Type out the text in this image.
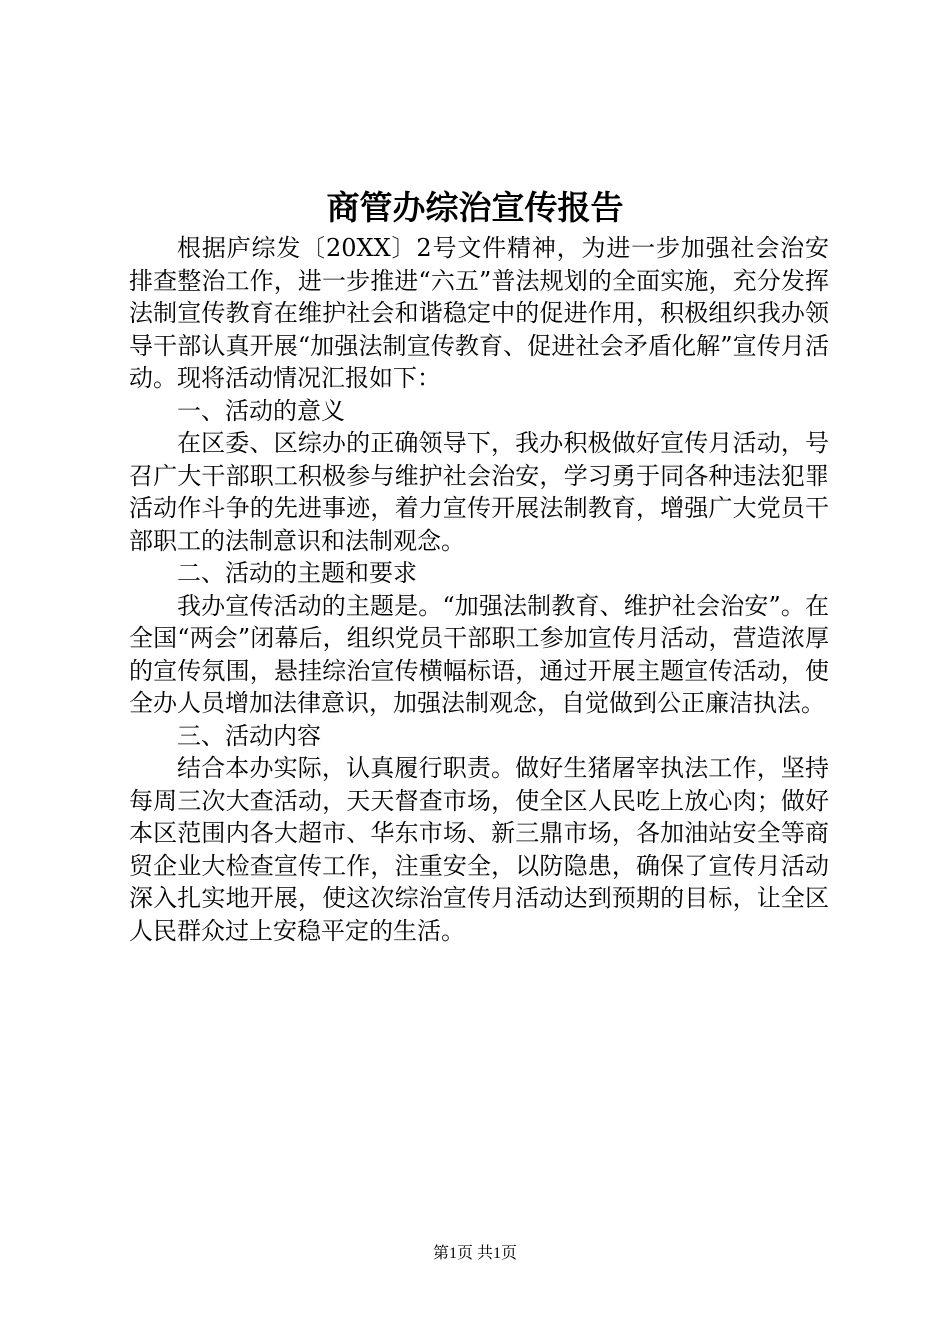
商管办综治宣传报告

根据庐综发〔20XX〕2号文件精神，为进一步加强社会治安排查整治工作，进一步推进“六五”普法规划的全面实施，充分发挥法制宣传教育在维护社会和谐稳定中的促进作用，积极组织我办领导干部认真开展“加强法制宣传教育、促进社会矛盾化解”宣传月活动。现将活动情况汇报如下：

一、活动的意义

在区委、区综办的正确领导下，我办积极做好宣传月活动，号召广大干部职工积极参与维护社会治安，学习勇于同各种违法犯罪活动作斗争的先进事迹，着力宣传开展法制教育，增强广大党员干部职工的法制意识和法制观念。

二、活动的主题和要求

我办宣传活动的主题是。“加强法制教育、维护社会治安”。在全国“两会”闭幕后，组织党员干部职工参加宣传月活动，营造浓厚的宣传氛围，悬挂综治宣传横幅标语，通过开展主题宣传活动，使全办人员增加法律意识，加强法制观念，自觉做到公正廉洁执法。

三、活动内容

结合本办实际，认真履行职责。做好生猪屠宰执法工作，坚持每周三次大查活动，天天督查市场，使全区人民吃上放心肉；做好本区范围内各大超市、华东市场、新三鼎市场，各加油站安全等商贸企业大检查宣传工作，注重安全，以防隐患，确保了宣传月活动深入扎实地开展，使这次综治宣传月活动达到预期的目标，让全区人民群众过上安稳平定的生活。

第1页 共1页
